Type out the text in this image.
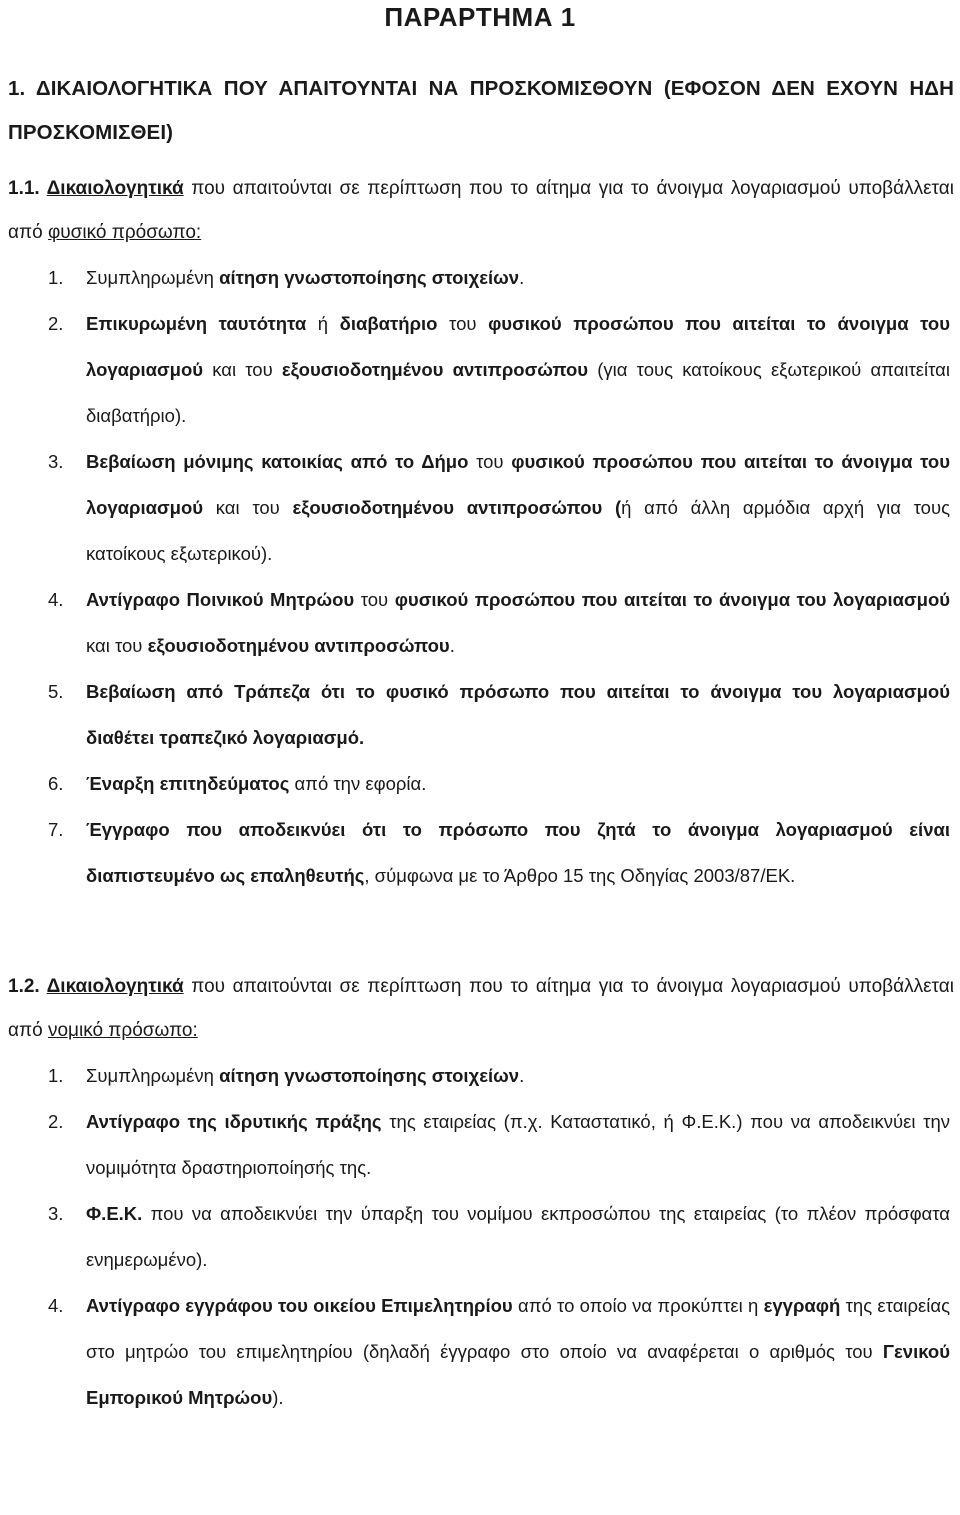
ΠΑΡΑΡΤΗΜΑ 1
1. ΔΙΚΑΙΟΛΟΓΗΤΙΚΑ ΠΟΥ ΑΠΑΙΤΟΥΝΤΑΙ ΝΑ ΠΡΟΣΚΟΜΙΣΘΟΥΝ (ΕΦΟΣΟΝ ΔΕΝ ΕΧΟΥΝ ΗΔΗ ΠΡΟΣΚΟΜΙΣΘΕΙ)
1.1. Δικαιολογητικά που απαιτούνται σε περίπτωση που το αίτημα για το άνοιγμα λογαριασμού υποβάλλεται από φυσικό πρόσωπο:
1. Συμπληρωμένη αίτηση γνωστοποίησης στοιχείων.
2. Επικυρωμένη ταυτότητα ή διαβατήριο του φυσικού προσώπου που αιτείται το άνοιγμα του λογαριασμού και του εξουσιοδοτημένου αντιπροσώπου (για τους κατοίκους εξωτερικού απαιτείται διαβατήριο).
3. Βεβαίωση μόνιμης κατοικίας από το Δήμο του φυσικού προσώπου που αιτείται το άνοιγμα του λογαριασμού και του εξουσιοδοτημένου αντιπροσώπου (ή από άλλη αρμόδια αρχή για τους κατοίκους εξωτερικού).
4. Αντίγραφο Ποινικού Μητρώου του φυσικού προσώπου που αιτείται το άνοιγμα του λογαριασμού και του εξουσιοδοτημένου αντιπροσώπου.
5. Βεβαίωση από Τράπεζα ότι το φυσικό πρόσωπο που αιτείται το άνοιγμα του λογαριασμού διαθέτει τραπεζικό λογαριασμό.
6. Έναρξη επιτηδεύματος από την εφορία.
7. Έγγραφο που αποδεικνύει ότι το πρόσωπο που ζητά το άνοιγμα λογαριασμού είναι διαπιστευμένο ως επαληθευτής, σύμφωνα με το Άρθρο 15 της Οδηγίας 2003/87/ΕΚ.
1.2. Δικαιολογητικά που απαιτούνται σε περίπτωση που το αίτημα για το άνοιγμα λογαριασμού υποβάλλεται από νομικό πρόσωπο:
1. Συμπληρωμένη αίτηση γνωστοποίησης στοιχείων.
2. Αντίγραφο της ιδρυτικής πράξης της εταιρείας (π.χ. Καταστατικό, ή Φ.Ε.Κ.) που να αποδεικνύει την νομιμότητα δραστηριοποίησής της.
3. Φ.Ε.Κ. που να αποδεικνύει την ύπαρξη του νομίμου εκπροσώπου της εταιρείας (το πλέον πρόσφατα ενημερωμένο).
4. Αντίγραφο εγγράφου του οικείου Επιμελητηρίου από το οποίο να προκύπτει η εγγραφή της εταιρείας στο μητρώο του επιμελητηρίου (δηλαδή έγγραφο στο οποίο να αναφέρεται ο αριθμός του Γενικού Εμπορικού Μητρώου).
